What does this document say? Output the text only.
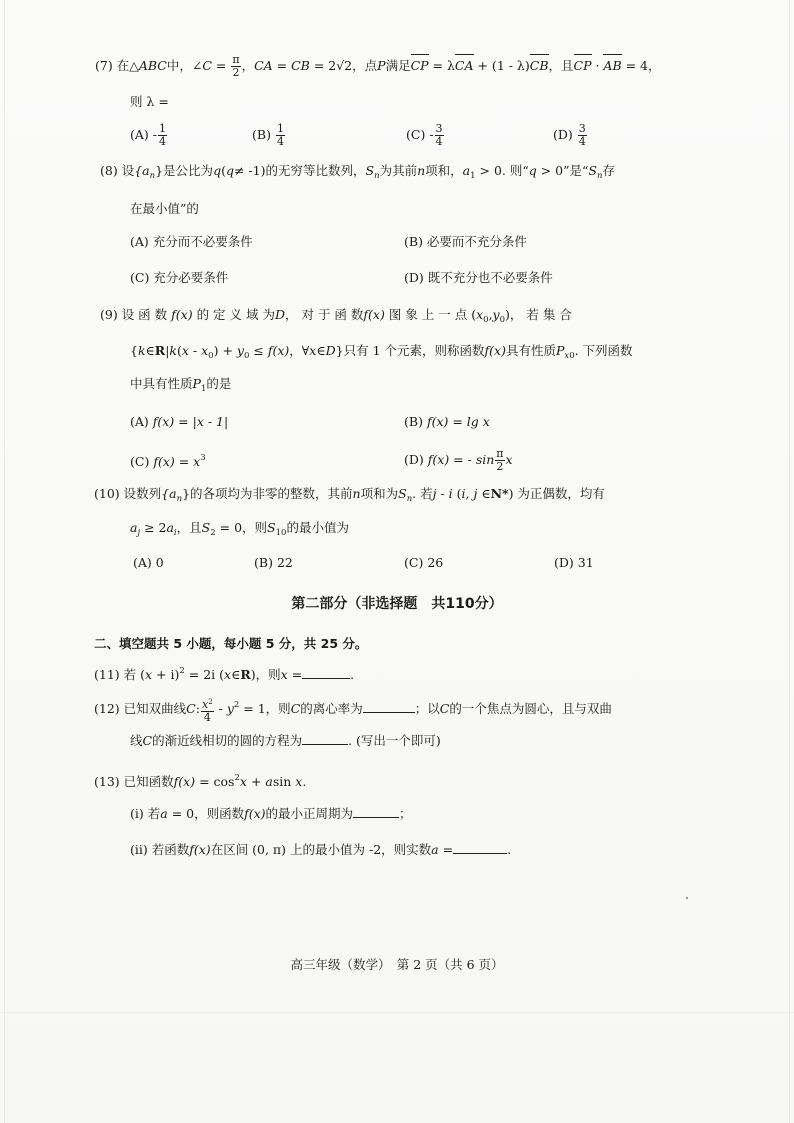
(7) 在△ABC中，∠C = $\frac{\pi}{2}$ ，CA = CB = 2√2，点P满足CP = λCA + (1 - λ)CB，且CP · AB = 4，
则 λ =
$(A) - \frac{1}{4}$	$(B) \frac{1}{4}$	$(C) - \frac{3}{4}$	$(D) \frac{3}{4}$
(8) 设$\{a_n\}$是公比为q(q≠ -1)的无穷等比数列，$S_n$为其前n项和，$a_1 > 0$. 则“q > 0”是“$S_n$存
在最小值”的
(A) 充分而不必要条件	(B) 必要而不充分条件
(C) 充分必要条件	(D) 既不充分也不必要条件
(9) 设 函 数 f(x) 的 定 义 域 为D， 对 于 函 数f(x) 图 象 上 一 点 $(x_0,y_0)$， 若 集 合
{k∈R|k(x - $x_0) + y_0 \le f(x)$，∀x∈D}只有 1 个元素，则称函数f(x)具有性质$P_{x0}$. 下列函数
中具有性质$P_1$的是
(A) f(x) = |x - 1|	(B) f(x) = lg x
(C) $f(x) = x^3$	(D) f(x) = - $\sin \frac{\pi}{2}$ x
(10) 设数列$\{a_n\}$的各项均为非零的整数，其前n项和为$S_n$. 若j - i (i, j ∈N*) 为正偶数，均有
$a_j \ge 2a_i$，且$S_2 = 0$，则$S_{10}$的最小值为
(A) 0	(B) 22	(C) 26	(D) 31
第二部分（非选择题　共110分）
二、填空题共 5 小题，每小题 5 分，共 25 分。
(11) 若 $(x + i)^2 = 2i$ (x∈R)，则x =	.
(12) 已知双曲线C: $\frac{x^2}{4} - y^2 = 1$，则C的离心率为	；以C的一个焦点为圆心，且与双曲
线C的渐近线相切的圆的方程为	. (写出一个即可)
(13) 已知函数$f(x) = \cos^2x + asin$ x.
(ⅰ) 若a = 0，则函数f(x)的最小正周期为	；
(ⅱ) 若函数f(x)在区间 (0, π) 上的最小值为 -2，则实数a =	.
高三年级（数学）　第 2 页（共 6 页）
